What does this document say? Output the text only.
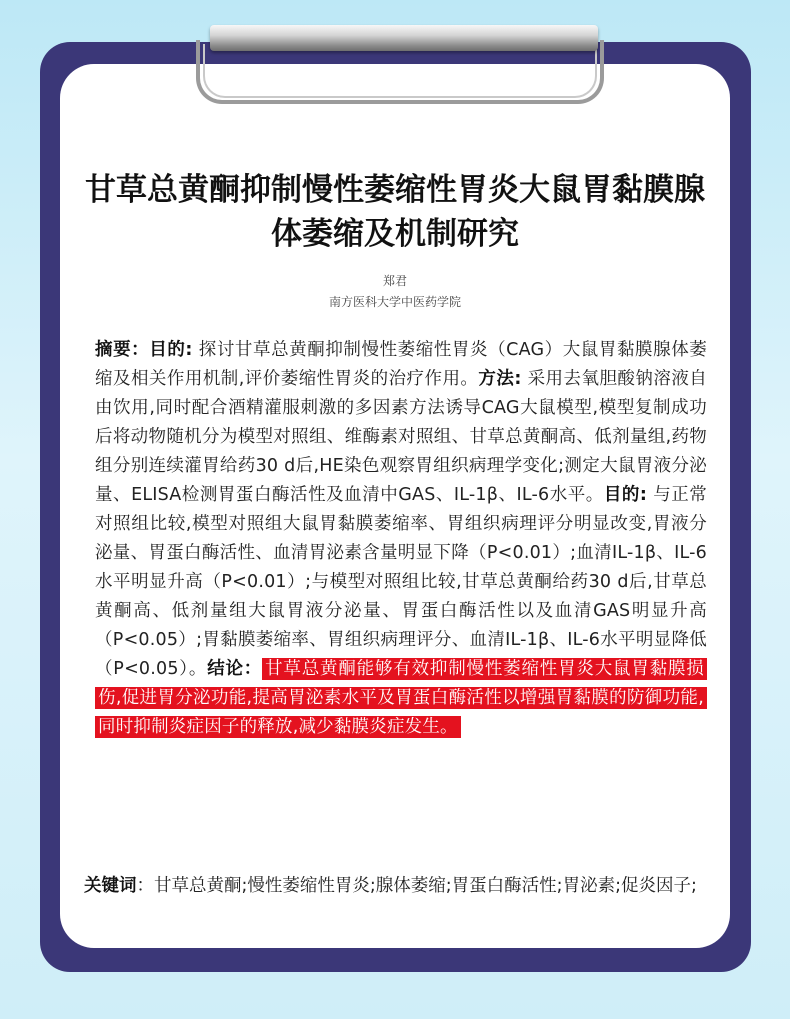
甘草总黄酮抑制慢性萎缩性胃炎大鼠胃黏膜腺体萎缩及机制研究
郑君
南方医科大学中医药学院
摘要：目的: 探讨甘草总黄酮抑制慢性萎缩性胃炎（CAG）大鼠胃黏膜腺体萎缩及相关作用机制,评价萎缩性胃炎的治疗作用。方法: 采用去氧胆酸钠溶液自由饮用,同时配合酒精灌服刺激的多因素方法诱导CAG大鼠模型,模型复制成功后将动物随机分为模型对照组、维酶素对照组、甘草总黄酮高、低剂量组,药物组分别连续灌胃给药30 d后,HE染色观察胃组织病理学变化;测定大鼠胃液分泌量、ELISA检测胃蛋白酶活性及血清中GAS、IL-1β、IL-6水平。目的: 与正常对照组比较,模型对照组大鼠胃黏膜萎缩率、胃组织病理评分明显改变,胃液分泌量、胃蛋白酶活性、血清胃泌素含量明显下降（P<0.01）;血清IL-1β、IL-6水平明显升高（P<0.01）;与模型对照组比较,甘草总黄酮给药30 d后,甘草总黄酮高、低剂量组大鼠胃液分泌量、胃蛋白酶活性以及血清GAS明显升高（P<0.05）;胃黏膜萎缩率、胃组织病理评分、血清IL-1β、IL-6水平明显降低（P<0.05）。结论： 甘草总黄酮能够有效抑制慢性萎缩性胃炎大鼠胃黏膜损伤,促进胃分泌功能,提高胃泌素水平及胃蛋白酶活性以增强胃黏膜的防御功能,同时抑制炎症因子的释放,减少黏膜炎症发生。
关键词：甘草总黄酮;慢性萎缩性胃炎;腺体萎缩;胃蛋白酶活性;胃泌素;促炎因子;
